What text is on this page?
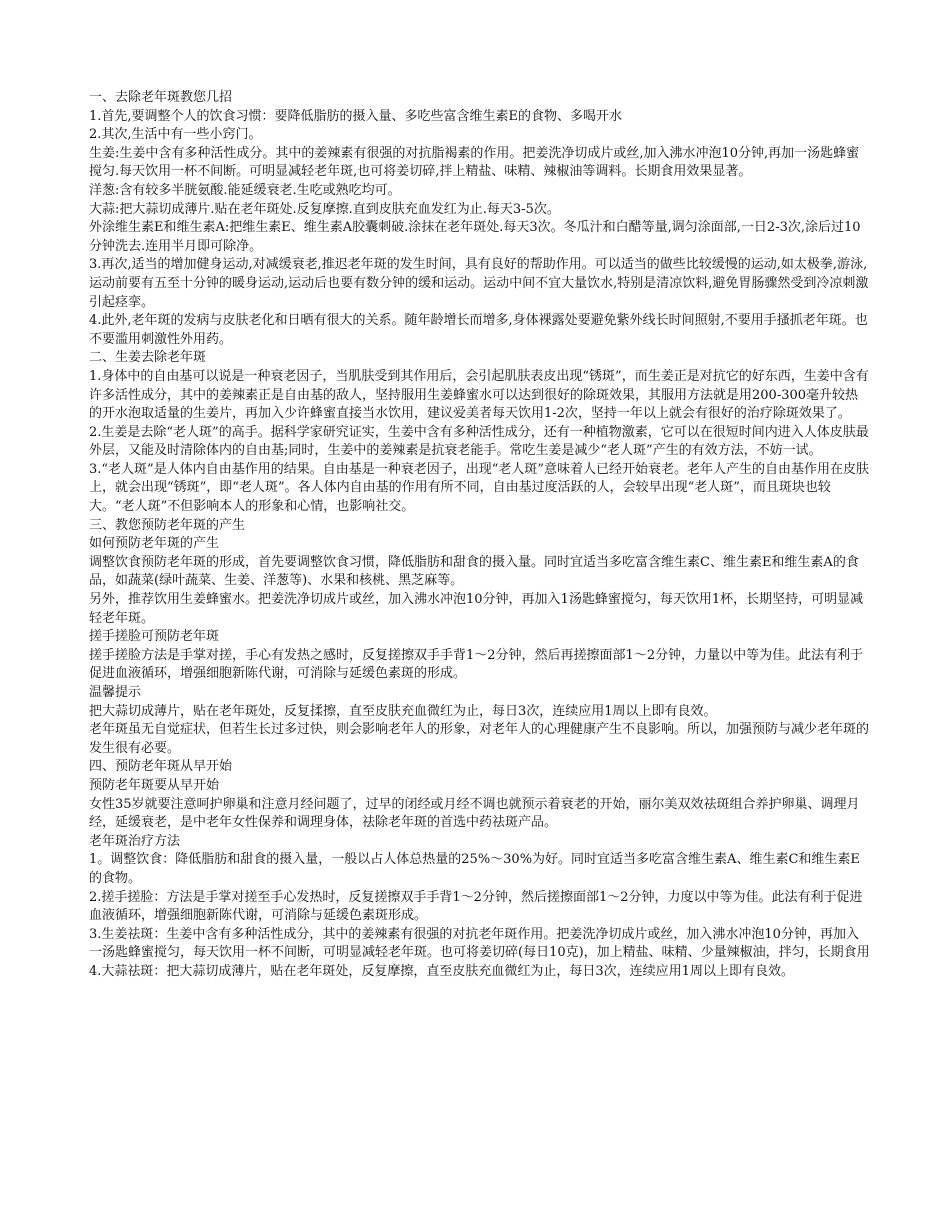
一、去除老年斑教您几招
1.首先,要调整个人的饮食习惯：要降低脂肪的摄入量、多吃些富含维生素E的食物、多喝开水
2.其次,生活中有一些小窍门。
生姜:生姜中含有多种活性成分。其中的姜辣素有很强的对抗脂褐素的作用。把姜洗净切成片或丝,加入沸水冲泡10分钟,再加一汤匙蜂蜜搅匀.每天饮用一杯不间断。可明显减轻老年斑,也可将姜切碎,拌上精盐、味精、辣椒油等调料。长期食用效果显著。
洋葱:含有较多半胱氨酸.能延缓衰老.生吃或熟吃均可。
大蒜:把大蒜切成薄片.贴在老年斑处.反复摩擦.直到皮肤充血发红为止.每天3-5次。
外涂维生素E和维生素A:把维生素E、维生素A胶囊刺破.涂抹在老年斑处.每天3次。冬瓜汁和白醋等量,调匀涂面部,一日2-3次,涂后过10分钟洗去.连用半月即可除净。
3.再次,适当的增加健身运动,对减缓衰老,推迟老年斑的发生时间，具有良好的帮助作用。可以适当的做些比较缓慢的运动,如太极拳,游泳,运动前要有五至十分钟的暖身运动,运动后也要有数分钟的缓和运动。运动中间不宜大量饮水,特别是清凉饮料,避免胃肠骤然受到冷凉刺激引起痉挛。
4.此外,老年斑的发病与皮肤老化和日晒有很大的关系。随年龄增长而增多,身体裸露处要避免紫外线长时间照射,不要用手搔抓老年斑。也不要滥用刺激性外用药。
二、生姜去除老年斑
1.身体中的自由基可以说是一种衰老因子，当肌肤受到其作用后，会引起肌肤表皮出现“锈斑”，而生姜正是对抗它的好东西，生姜中含有许多活性成分，其中的姜辣素正是自由基的敌人，坚持服用生姜蜂蜜水可以达到很好的除斑效果，其服用方法就是用200-300毫升较热的开水泡取适量的生姜片，再加入少许蜂蜜直接当水饮用，建议爱美者每天饮用1-2次，坚持一年以上就会有很好的治疗除斑效果了。
2.生姜是去除“老人斑”的高手。据科学家研究证实，生姜中含有多种活性成分，还有一种植物激素，它可以在很短时间内进入人体皮肤最外层，又能及时清除体内的自由基;同时，生姜中的姜辣素是抗衰老能手。常吃生姜是减少“老人斑”产生的有效方法，不妨一试。
3.“老人斑”是人体内自由基作用的结果。自由基是一种衰老因子，出现“老人斑”意味着人已经开始衰老。老年人产生的自由基作用在皮肤上，就会出现“锈斑”，即“老人斑”。各人体内自由基的作用有所不同，自由基过度活跃的人，会较早出现“老人斑”，而且斑块也较大。“老人斑”不但影响本人的形象和心情，也影响社交。
三、教您预防老年斑的产生
如何预防老年斑的产生
调整饮食预防老年斑的形成，首先要调整饮食习惯，降低脂肪和甜食的摄入量。同时宜适当多吃富含维生素C、维生素E和维生素A的食品，如蔬菜(绿叶蔬菜、生姜、洋葱等)、水果和核桃、黑芝麻等。
另外，推荐饮用生姜蜂蜜水。把姜洗净切成片或丝，加入沸水冲泡10分钟，再加入1汤匙蜂蜜搅匀，每天饮用1杯，长期坚持，可明显减轻老年斑。
搓手搓脸可预防老年斑
搓手搓脸方法是手掌对搓，手心有发热之感时，反复搓擦双手手背1～2分钟，然后再搓擦面部1～2分钟，力量以中等为佳。此法有利于促进血液循环，增强细胞新陈代谢，可消除与延缓色素斑的形成。
温馨提示
把大蒜切成薄片，贴在老年斑处，反复揉擦，直至皮肤充血微红为止，每日3次，连续应用1周以上即有良效。
老年斑虽无自觉症状，但若生长过多过快，则会影响老年人的形象，对老年人的心理健康产生不良影响。所以，加强预防与减少老年斑的发生很有必要。
四、预防老年斑从早开始
预防老年斑要从早开始
女性35岁就要注意呵护卵巢和注意月经问题了，过早的闭经或月经不调也就预示着衰老的开始，丽尔美双效祛斑组合养护卵巢、调理月经，延缓衰老，是中老年女性保养和调理身体，祛除老年斑的首选中药祛斑产品。
老年斑治疗方法
1。调整饮食：降低脂肪和甜食的摄入量，一般以占人体总热量的25%～30%为好。同时宜适当多吃富含维生素A、维生素C和维生素E的食物。
2.搓手搓脸：方法是手掌对搓至手心发热时，反复搓擦双手手背1～2分钟，然后搓擦面部1～2分钟，力度以中等为佳。此法有利于促进血液循环，增强细胞新陈代谢，可消除与延缓色素斑形成。
3.生姜祛斑：生姜中含有多种活性成分，其中的姜辣素有很强的对抗老年斑作用。把姜洗净切成片或丝，加入沸水冲泡10分钟，再加入一汤匙蜂蜜搅匀，每天饮用一杯不间断，可明显减轻老年斑。也可将姜切碎(每日10克)，加上精盐、味精、少量辣椒油，拌匀，长期食用
4.大蒜祛斑：把大蒜切成薄片，贴在老年斑处，反复摩擦，直至皮肤充血微红为止，每日3次，连续应用1周以上即有良效。
